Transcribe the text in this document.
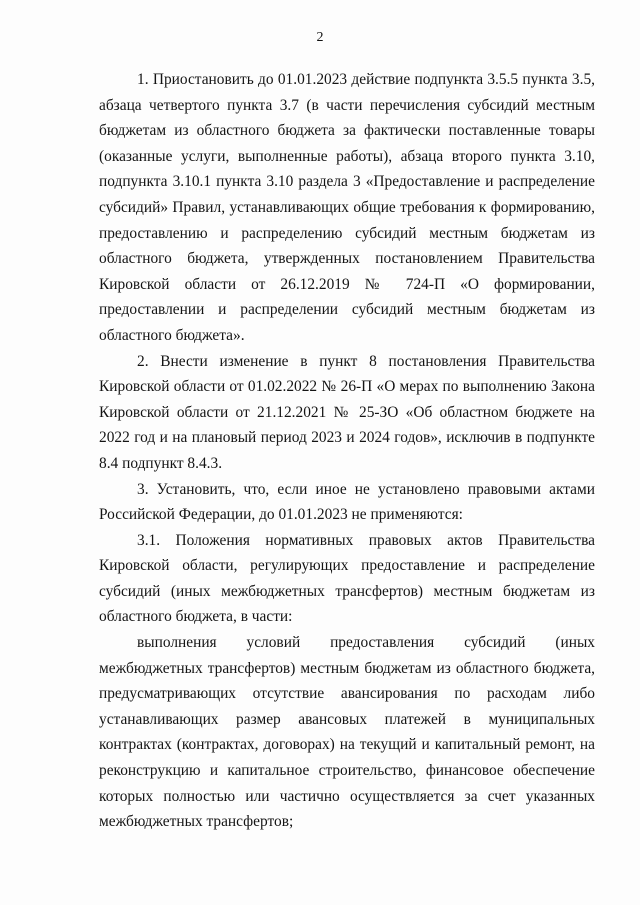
2

1. Приостановить до 01.01.2023 действие подпункта 3.5.5 пункта 3.5, абзаца четвертого пункта 3.7 (в части перечисления субсидий местным бюджетам из областного бюджета за фактически поставленные товары (оказанные услуги, выполненные работы), абзаца второго пункта 3.10, подпункта 3.10.1 пункта 3.10 раздела 3 «Предоставление и распределение субсидий» Правил, устанавливающих общие требования к формированию, предоставлению и распределению субсидий местным бюджетам из областного бюджета, утвержденных постановлением Правительства Кировской области от 26.12.2019 № 724-П «О формировании, предоставлении и распределении субсидий местным бюджетам из областного бюджета».

2. Внести изменение в пункт 8 постановления Правительства Кировской области от 01.02.2022 № 26-П «О мерах по выполнению Закона Кировской области от 21.12.2021 № 25-ЗО «Об областном бюджете на 2022 год и на плановый период 2023 и 2024 годов», исключив в подпункте 8.4 подпункт 8.4.3.

3. Установить, что, если иное не установлено правовыми актами Российской Федерации, до 01.01.2023 не применяются:

3.1. Положения нормативных правовых актов Правительства Кировской области, регулирующих предоставление и распределение субсидий (иных межбюджетных трансфертов) местным бюджетам из областного бюджета, в части:

выполнения условий предоставления субсидий (иных межбюджетных трансфертов) местным бюджетам из областного бюджета, предусматривающих отсутствие авансирования по расходам либо устанавливающих размер авансовых платежей в муниципальных контрактах (контрактах, договорах) на текущий и капитальный ремонт, на реконструкцию и капитальное строительство, финансовое обеспечение которых полностью или частично осуществляется за счет указанных межбюджетных трансфертов;
